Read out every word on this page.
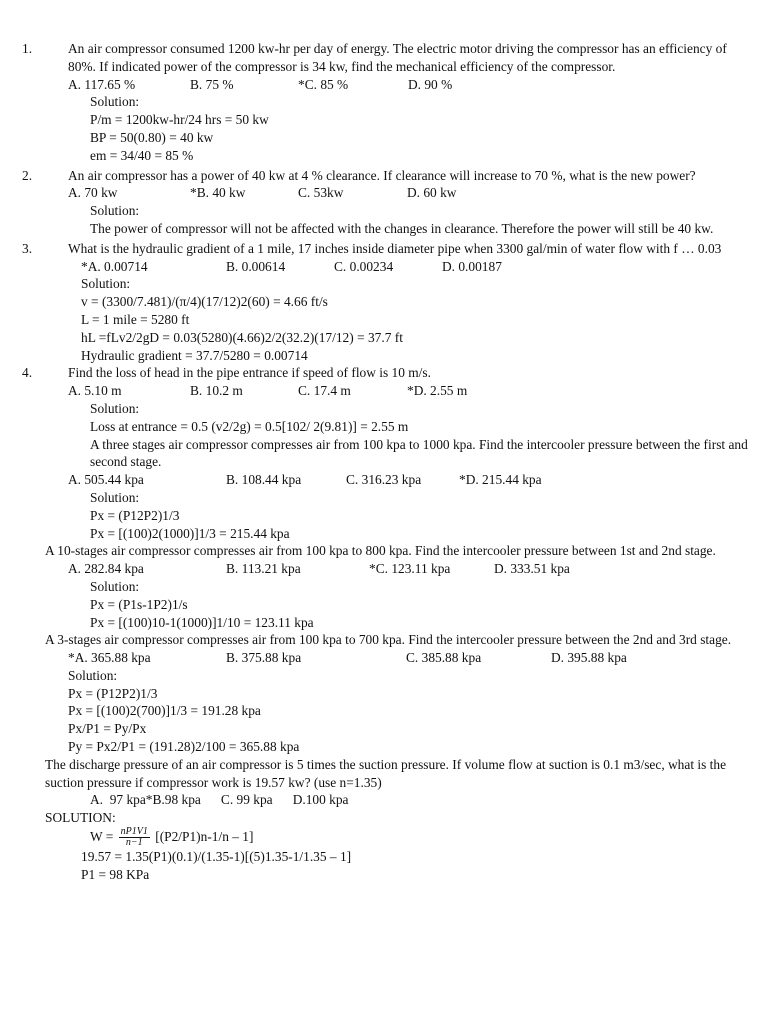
1.	An air compressor consumed 1200 kw-hr per day of energy. The electric motor driving the compressor has an efficiency of 80%. If indicated power of the compressor is 34 kw, find the mechanical efficiency of the compressor.
A. 117.65 %	B. 75 %	*C. 85 %	D. 90 %
Solution:
P/m = 1200kw-hr/24 hrs = 50 kw
BP = 50(0.80) = 40 kw
em = 34/40 = 85 %
2.	An air compressor has a power of 40 kw at 4 % clearance. If clearance will increase to 70 %, what is the new power?
A. 70 kw	*B. 40 kw	C. 53kw	D. 60 kw
Solution:
The power of compressor will not be affected with the changes in clearance. Therefore the power will still be 40 kw.
3.	What is the hydraulic gradient of a 1 mile, 17 inches inside diameter pipe when 3300 gal/min of water flow with f … 0.03
*A. 0.00714	B. 0.00614	C. 0.00234	D. 0.00187
Solution:
v = (3300/7.481)/(π/4)(17/12)2(60) = 4.66 ft/s
L = 1 mile = 5280 ft
hL =fLv2/2gD = 0.03(5280)(4.66)2/2(32.2)(17/12) = 37.7 ft
Hydraulic gradient = 37.7/5280 = 0.00714
4.	Find the loss of head in the pipe entrance if speed of flow is 10 m/s.
A. 5.10 m	B. 10.2 m	C. 17.4 m	*D. 2.55 m
Solution:
Loss at entrance = 0.5 (v2/2g) = 0.5[102/ 2(9.81)] = 2.55 m
A three stages air compressor compresses air from 100 kpa to 1000 kpa. Find the intercooler pressure between the first and second stage.
A. 505.44 kpa	B. 108.44 kpa	C. 316.23 kpa	*D. 215.44 kpa
Solution:
Px = (P12P2)1/3
Px = [(100)2(1000)]1/3 = 215.44 kpa
A 10-stages air compressor compresses air from 100 kpa to 800 kpa. Find the intercooler pressure between 1st and 2nd stage.
A. 282.84 kpa	B. 113.21 kpa	*C. 123.11 kpa	D. 333.51 kpa
Solution:
Px = (P1s-1P2)1/s
Px = [(100)10-1(1000)]1/10 = 123.11 kpa
A 3-stages air compressor compresses air from 100 kpa to 700 kpa. Find the intercooler pressure between the 2nd and 3rd stage.
*A. 365.88 kpa	B. 375.88 kpa	C. 385.88 kpa	D. 395.88 kpa
Solution:
Px = (P12P2)1/3
Px = [(100)2(700)]1/3 = 191.28 kpa
Px/P1 = Py/Px
Py = Px2/P1 = (191.28)2/100 = 365.88 kpa
The discharge pressure of an air compressor is 5 times the suction pressure. If volume flow at suction is 0.1 m3/sec, what is the suction pressure if compressor work is 19.57 kw? (use n=1.35)
A.  97 kpa*B.98 kpa      C. 99 kpa      D.100 kpa
SOLUTION:
$W = \frac{nP1V1}{n-1} [(P2/P1)n-1/n - 1]$
19.57 = 1.35(P1)(0.1)/(1.35-1)[(5)1.35-1/1.35 – 1]
P1 = 98 KPa
